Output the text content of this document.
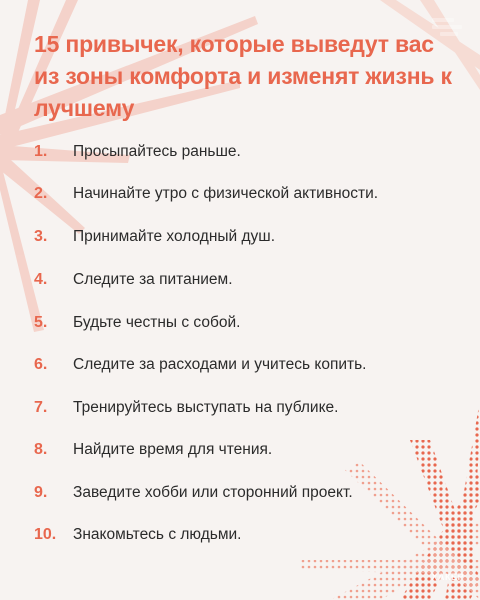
15 привычек, которые выведут вас из зоны комфорта и изменят жизнь к лучшему
1.	Просыпайтесь раньше.
2.	Начинайте утро с физической активности.
3.	Принимайте холодный душ.
4.	Следите за питанием.
5.	Будьте честны с собой.
6.	Следите за расходами и учитесь копить.
7.	Тренируйтесь выступать на публике.
8.	Найдите время для чтения.
9.	Заведите хобби или сторонний проект.
10.	Знакомьтесь с людьми.
ХАКЕР
